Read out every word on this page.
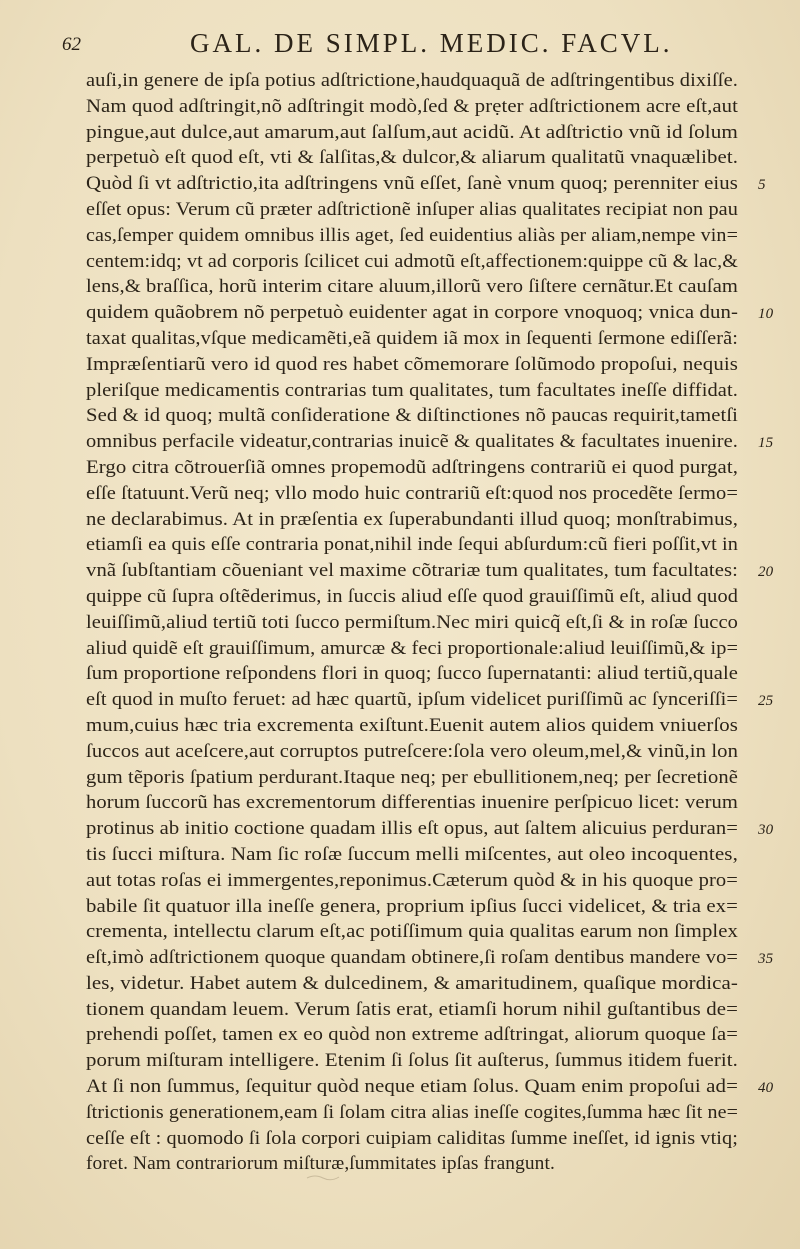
62	GAL. DE SIMPL. MEDIC. FACVL.
auſi,in genere de ipſa potius adſtrictione,haudquaquã de adſtringentibus dixiſſe.
Nam quod adſtringit,nõ adſtringit modò,ſed & prẹter adſtrictionem acre eſt,aut
pingue,aut dulce,aut amarum,aut ſalſum,aut acidũ. At adſtrictio vnũ id ſolum
perpetuò eſt quod eſt, vti & ſalſitas,& dulcor,& aliarum qualitatũ vnaquælibet.
Quòd ſi vt adſtrictio,ita adſtringens vnũ eſſet, ſanè vnum quoq; perenniter eius 5
eſſet opus: Verum cũ præter adſtrictionẽ inſuper alias qualitates recipiat non pau
cas,ſemper quidem omnibus illis aget, ſed euidentius aliàs per aliam,nempe vin=
centem:idq; vt ad corporis ſcilicet cui admotũ eſt,affectionem:quippe cũ & lac,&
lens,& braſſica, horũ interim citare aluum,illorũ vero ſiſtere cernãtur.Et cauſam
quidem quãobrem nõ perpetuò euidenter agat in corpore vnoquoq; vnica dun- 10
taxat qualitas,vſque medicamẽti,eã quidem iã mox in ſequenti ſermone ediſſerã:
Impræſentiarũ vero id quod res habet cõmemorare ſolũmodo propoſui, nequis
pleriſque medicamentis contrarias tum qualitates, tum facultates ineſſe diffidat.
Sed & id quoq; multã conſideratione & diſtinctiones nõ paucas requirit,tametſi
omnibus perfacile videatur,contrarias inuicẽ & qualitates & facultates inuenire. 15
Ergo citra cõtrouerſiã omnes propemodũ adſtringens contrariũ ei quod purgat,
eſſe ſtatuunt.Verũ neq; vllo modo huic contrariũ eſt:quod nos procedẽte ſermo=
ne declarabimus. At in præſentia ex ſuperabundanti illud quoq; monſtrabimus,
etiamſi ea quis eſſe contraria ponat,nihil inde ſequi abſurdum:cũ fieri poſſit,vt in
vnã ſubſtantiam cõueniant vel maxime cõtrariæ tum qualitates, tum facultates: 20
quippe cũ ſupra oſtẽderimus, in ſuccis aliud eſſe quod grauiſſimũ eſt, aliud quod
leuiſſimũ,aliud tertiũ toti ſucco permiſtum.Nec miri quicq̃ eſt,ſi & in roſæ ſucco
aliud quidẽ eſt grauiſſimum, amurcæ & feci proportionale:aliud leuiſſimũ,& ip=
ſum proportione reſpondens flori in quoq; ſucco ſupernatanti: aliud tertiũ,quale
eſt quod in muſto feruet: ad hæc quartũ, ipſum videlicet puriſſimũ ac ſynceriſſi= 25
mum,cuius hæc tria excrementa exiſtunt.Euenit autem alios quidem vniuerſos
ſuccos aut aceſcere,aut corruptos putreſcere:ſola vero oleum,mel,& vinũ,in lon
gum tẽporis ſpatium perdurant.Itaque neq; per ebullitionem,neq; per ſecretionẽ
horum ſuccorũ has excrementorum differentias inuenire perſpicuo licet: verum
protinus ab initio coctione quadam illis eſt opus, aut ſaltem alicuius perduran= 30
tis ſucci miſtura. Nam ſic roſæ ſuccum melli miſcentes, aut oleo incoquentes,
aut totas roſas ei immergentes,reponimus.Cæterum quòd & in his quoque pro=
babile ſit quatuor illa ineſſe genera, proprium ipſius ſucci videlicet, & tria ex=
crementa, intellectu clarum eſt,ac potiſſimum quia qualitas earum non ſimplex
eſt,imò adſtrictionem quoque quandam obtinere,ſi roſam dentibus mandere vo= 35
les, videtur. Habet autem & dulcedinem, & amaritudinem, quaſique mordica-
tionem quandam leuem. Verum ſatis erat, etiamſi horum nihil guſtantibus de=
prehendi poſſet, tamen ex eo quòd non extreme adſtringat, aliorum quoque ſa=
porum miſturam intelligere. Etenim ſi ſolus ſit auſterus, ſummus itidem fuerit.
At ſi non ſummus, ſequitur quòd neque etiam ſolus. Quam enim propoſui ad= 40
ſtrictionis generationem,eam ſi ſolam citra alias ineſſe cogites,ſumma hæc ſit ne=
ceſſe eſt : quomodo ſi ſola corpori cuipiam caliditas ſumme ineſſet, id ignis vtiq;
foret. Nam contrariorum miſturæ,ſummitates ipſas frangunt.
